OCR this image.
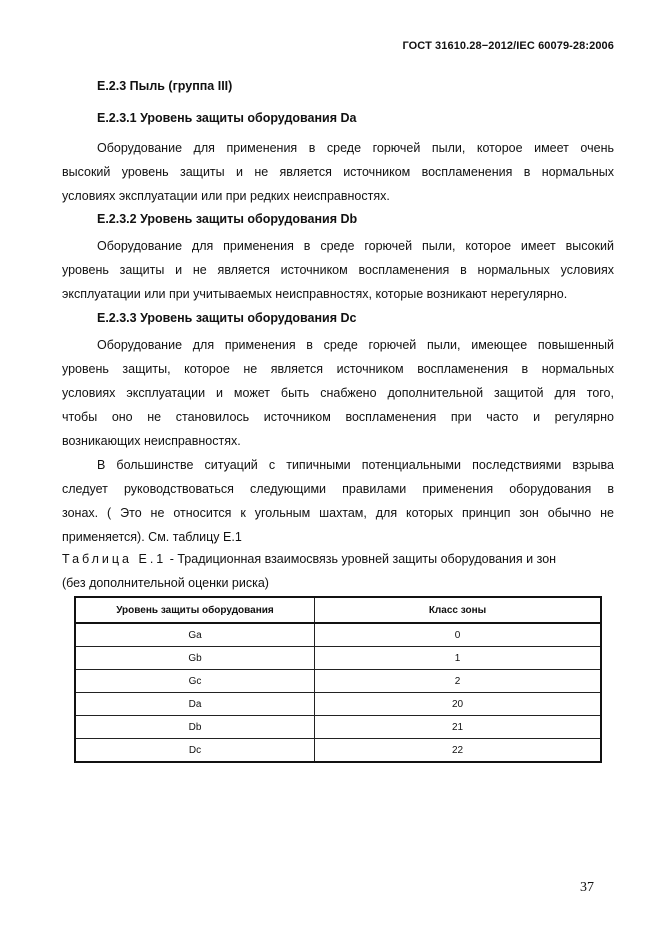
ГОСТ 31610.28−2012/IEC 60079-28:2006
Е.2.3 Пыль (группа III)
Е.2.3.1 Уровень защиты оборудования Da
Оборудование для применения в среде горючей пыли, которое имеет очень
высокий уровень защиты и не является источником воспламенения в нормальных
условиях эксплуатации или при редких неисправностях.
Е.2.3.2 Уровень защиты оборудования Db
Оборудование для применения в среде горючей пыли, которое имеет высокий
уровень защиты и не является источником воспламенения в нормальных условиях
эксплуатации или при учитываемых неисправностях, которые возникают нерегулярно.
Е.2.3.3 Уровень защиты оборудования Dc
Оборудование для применения в среде горючей пыли, имеющее повышенный
уровень защиты, которое не является источником воспламенения в нормальных
условиях эксплуатации и может быть снабжено дополнительной защитой для того,
чтобы оно не становилось источником воспламенения при часто и регулярно
возникающих неисправностях.
В большинстве ситуаций с типичными потенциальными последствиями взрыва
следует руководствоваться следующими правилами применения оборудования в
зонах. ( Это не относится к угольным шахтам, для которых принцип зон обычно не
применяется). См. таблицу Е.1
Таблица Е.1 - Традиционная взаимосвязь уровней защиты оборудования и зон
(без дополнительной оценки риска)
Уровень защиты оборудования	Класс зоны
Ga	0
Gb	1
Gc	2
Da	20
Db	21
Dc	22
37
